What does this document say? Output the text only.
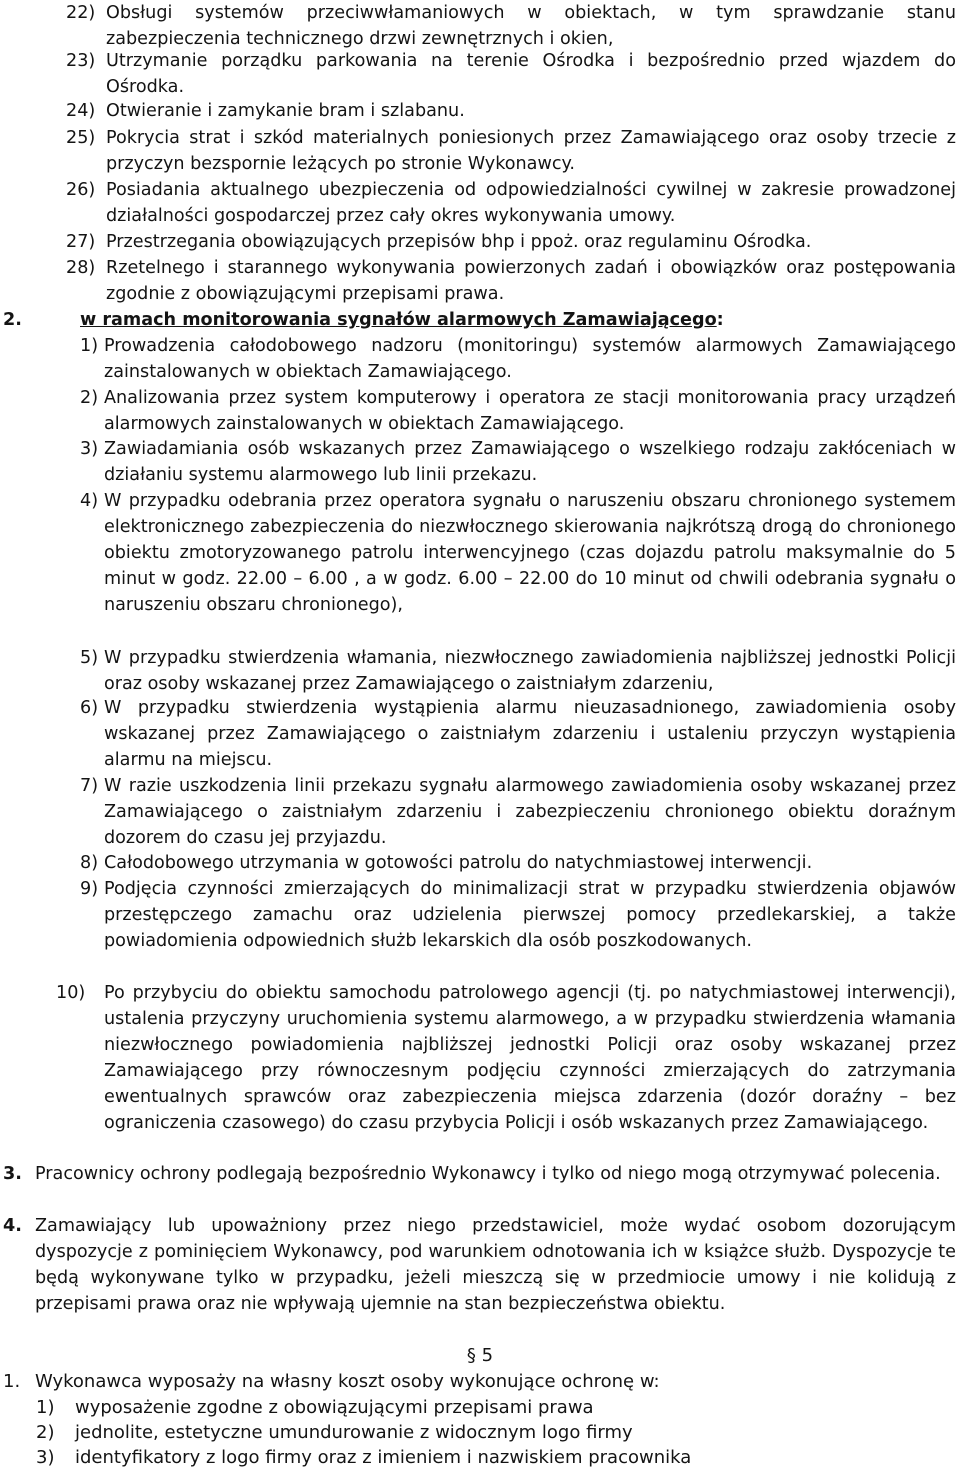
22) Obsługi systemów przeciwwłamaniowych w obiektach, w tym sprawdzanie stanu zabezpieczenia technicznego drzwi zewnętrznych i okien,
23) Utrzymanie porządku parkowania na terenie Ośrodka i bezpośrednio przed wjazdem do Ośrodka.
24) Otwieranie i zamykanie bram i szlabanu.
25) Pokrycia strat i szkód materialnych poniesionych przez Zamawiającego oraz osoby trzecie z przyczyn bezspornie leżących po stronie Wykonawcy.
26) Posiadania aktualnego ubezpieczenia od odpowiedzialności cywilnej w zakresie prowadzonej działalności gospodarczej przez cały okres wykonywania umowy.
27) Przestrzegania obowiązujących przepisów bhp i ppoż. oraz regulaminu Ośrodka.
28) Rzetelnego i starannego wykonywania powierzonych zadań i obowiązków oraz postępowania zgodnie z obowiązującymi przepisami prawa.
2.	w ramach monitorowania sygnałów alarmowych Zamawiającego:
1) Prowadzenia całodobowego nadzoru (monitoringu) systemów alarmowych Zamawiającego zainstalowanych w obiektach Zamawiającego.
2) Analizowania przez system komputerowy i operatora ze stacji monitorowania pracy urządzeń alarmowych zainstalowanych w obiektach Zamawiającego.
3) Zawiadamiania osób wskazanych przez Zamawiającego o wszelkiego rodzaju zakłóceniach w działaniu systemu alarmowego lub linii przekazu.
4) W przypadku odebrania przez operatora sygnału o naruszeniu obszaru chronionego systemem elektronicznego zabezpieczenia do niezwłocznego skierowania najkrótszą drogą do chronionego obiektu zmotoryzowanego patrolu interwencyjnego (czas dojazdu patrolu maksymalnie do 5 minut w godz. 22.00 – 6.00 , a w godz. 6.00 – 22.00 do 10 minut od chwili odebrania sygnału o naruszeniu obszaru chronionego),
5) W przypadku stwierdzenia włamania, niezwłocznego zawiadomienia najbliższej jednostki Policji oraz osoby wskazanej przez Zamawiającego o zaistniałym zdarzeniu,
6) W przypadku stwierdzenia wystąpienia alarmu nieuzasadnionego, zawiadomienia osoby wskazanej przez Zamawiającego o zaistniałym zdarzeniu i ustaleniu przyczyn wystąpienia alarmu na miejscu.
7) W razie uszkodzenia linii przekazu sygnału alarmowego zawiadomienia osoby wskazanej przez Zamawiającego o zaistniałym zdarzeniu i zabezpieczeniu chronionego obiektu doraźnym dozorem do czasu jej przyjazdu.
8) Całodobowego utrzymania w gotowości patrolu do natychmiastowej interwencji.
9) Podjęcia czynności zmierzających do minimalizacji strat w przypadku stwierdzenia objawów przestępczego zamachu oraz udzielenia pierwszej pomocy przedlekarskiej, a także powiadomienia odpowiednich służb lekarskich dla osób poszkodowanych.
10)	Po przybyciu do obiektu samochodu patrolowego agencji (tj. po natychmiastowej interwencji), ustalenia przyczyny uruchomienia systemu alarmowego, a w przypadku stwierdzenia włamania niezwłocznego powiadomienia najbliższej jednostki Policji oraz osoby wskazanej przez Zamawiającego przy równoczesnym podjęciu czynności zmierzających do zatrzymania ewentualnych sprawców oraz zabezpieczenia miejsca zdarzenia (dozór doraźny – bez ograniczenia czasowego) do czasu przybycia Policji i osób wskazanych przez Zamawiającego.
3. Pracownicy ochrony podlegają bezpośrednio Wykonawcy i tylko od niego mogą otrzymywać polecenia.
4. Zamawiający lub upoważniony przez niego przedstawiciel, może wydać osobom dozorującym dyspozycje z pominięciem Wykonawcy, pod warunkiem odnotowania ich w książce służb. Dyspozycje te będą wykonywane tylko w przypadku, jeżeli mieszczą się w przedmiocie umowy i nie kolidują z przepisami prawa oraz nie wpływają ujemnie na stan bezpieczeństwa obiektu.
§ 5
1. Wykonawca wyposaży na własny koszt osoby wykonujące ochronę w:
1) wyposażenie zgodne z obowiązującymi przepisami prawa
2) jednolite, estetyczne umundurowanie z widocznym logo firmy
3) identyfikatory z logo firmy oraz z imieniem i nazwiskiem pracownika
